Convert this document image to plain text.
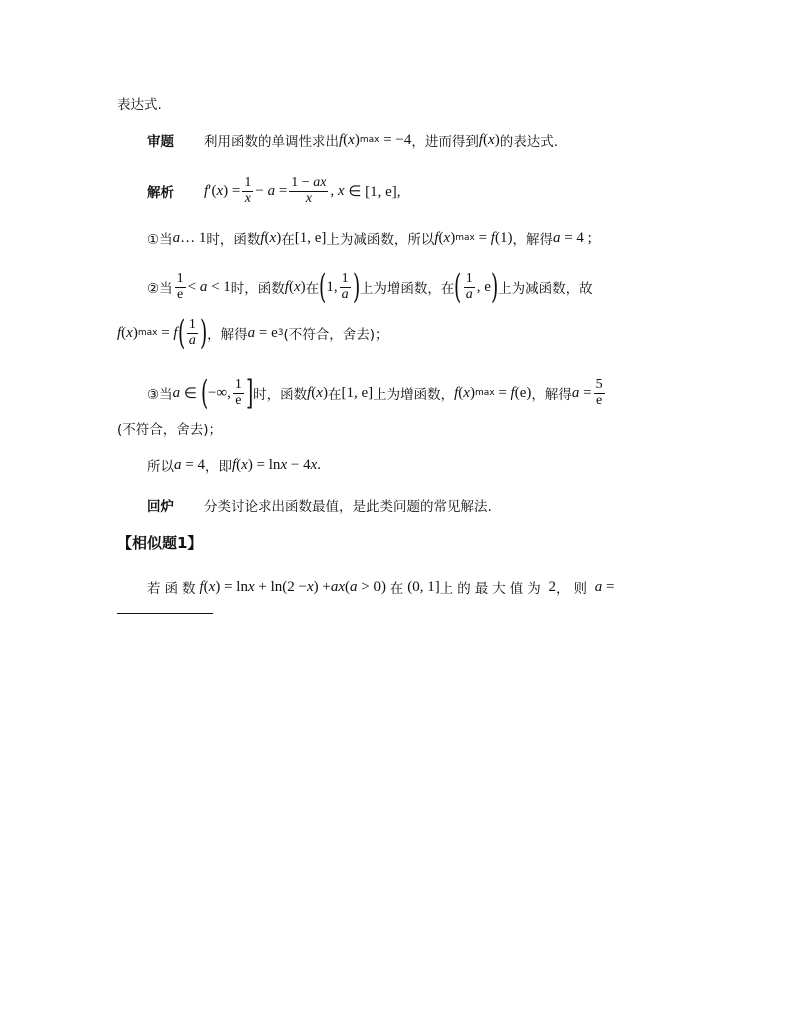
表达式.
审题 利用函数的单调性求出 f ( x ) max = −4 ，进而得到 f ( x ) 的表达式.
解析 f ′( x ) = $\frac{1}{x} - a = \frac{1 - ax}{x}$ , x ∈ [1, e],
①当 a … 1 时，函数 f ( x ) 在 [1, e] 上为减函数，所以 f ( x ) max = f (1) ，解得 a = 4 ;
②当
1
e < a < 1 时，函数 f ( x ) 在 ( 1,
1
a ) 上为增函数，在 ( 1
a , e ) 上为减函数，故
f ( x ) max = f ( 1
a ) ，解得 a = e 3 (不符合，舍去)；
③当 a ∈ ( −∞,
1
e ] 时，函数 f ( x ) 在 [1, e] 上为增函数， f ( x ) max = f (e) ，解得 $a = \frac{5}{e}$
(不符合，舍去)；
所以 a = 4 ，即 f ( x ) = ln x − 4 x .
回炉 分类讨论求出函数最值，是此类问题的常见解法.
【相似题1】
若函数 f ( x ) = ln x + ln(2 − x ) + ax ( a > 0) 在 (0, 1] 上的最大值为 2 ，则 a =
